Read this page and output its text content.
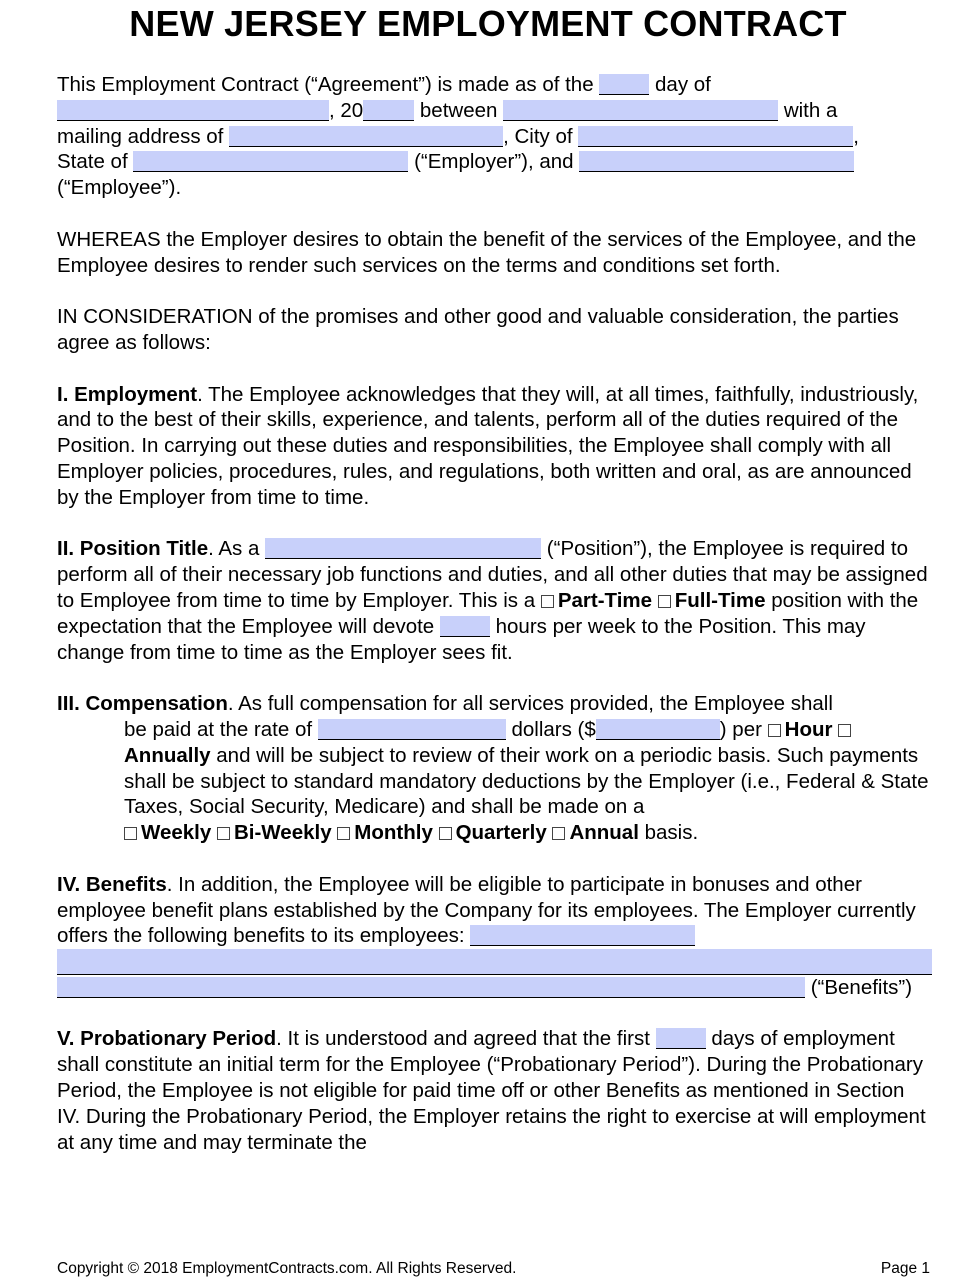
NEW JERSEY EMPLOYMENT CONTRACT
This Employment Contract (“Agreement”) is made as of the	day of
, 20	between	with a
mailing address of	, City of	,
State of	(“Employer”), and
(“Employee”).
WHEREAS the Employer desires to obtain the benefit of the services of the Employee, and the Employee desires to render such services on the terms and conditions set forth.
IN CONSIDERATION of the promises and other good and valuable consideration, the parties agree as follows:
I. Employment. The Employee acknowledges that they will, at all times, faithfully, industriously, and to the best of their skills, experience, and talents, perform all of the duties required of the Position. In carrying out these duties and responsibilities, the Employee shall comply with all Employer policies, procedures, rules, and regulations, both written and oral, as are announced by the Employer from time to time.
II. Position Title. As a	(“Position”), the Employee is required to perform all of their necessary job functions and duties, and all other duties that may be assigned to Employee from time to time by Employer. This is a Part-Time Full-Time position with the expectation that the Employee will devote	hours per week to the Position. This may change from time to time as the Employer sees fit.
III. Compensation. As full compensation for all services provided, the Employee shall
be paid at the rate of	dollars ($	) per Hour Annually and will be subject to review of their work on a periodic basis. Such payments shall be subject to standard mandatory deductions by the Employer (i.e., Federal & State Taxes, Social Security, Medicare) and shall be made on a
Weekly Bi-Weekly Monthly Quarterly Annual basis.
IV. Benefits. In addition, the Employee will be eligible to participate in bonuses and other employee benefit plans established by the Company for its employees. The Employer currently offers the following benefits to its employees:
(“Benefits”)
V. Probationary Period. It is understood and agreed that the first	days of employment shall constitute an initial term for the Employee (“Probationary Period”). During the Probationary Period, the Employee is not eligible for paid time off or other Benefits as mentioned in Section IV. During the Probationary Period, the Employer retains the right to exercise at will employment at any time and may terminate the
Copyright © 2018 EmploymentContracts.com. All Rights Reserved.	Page 1
